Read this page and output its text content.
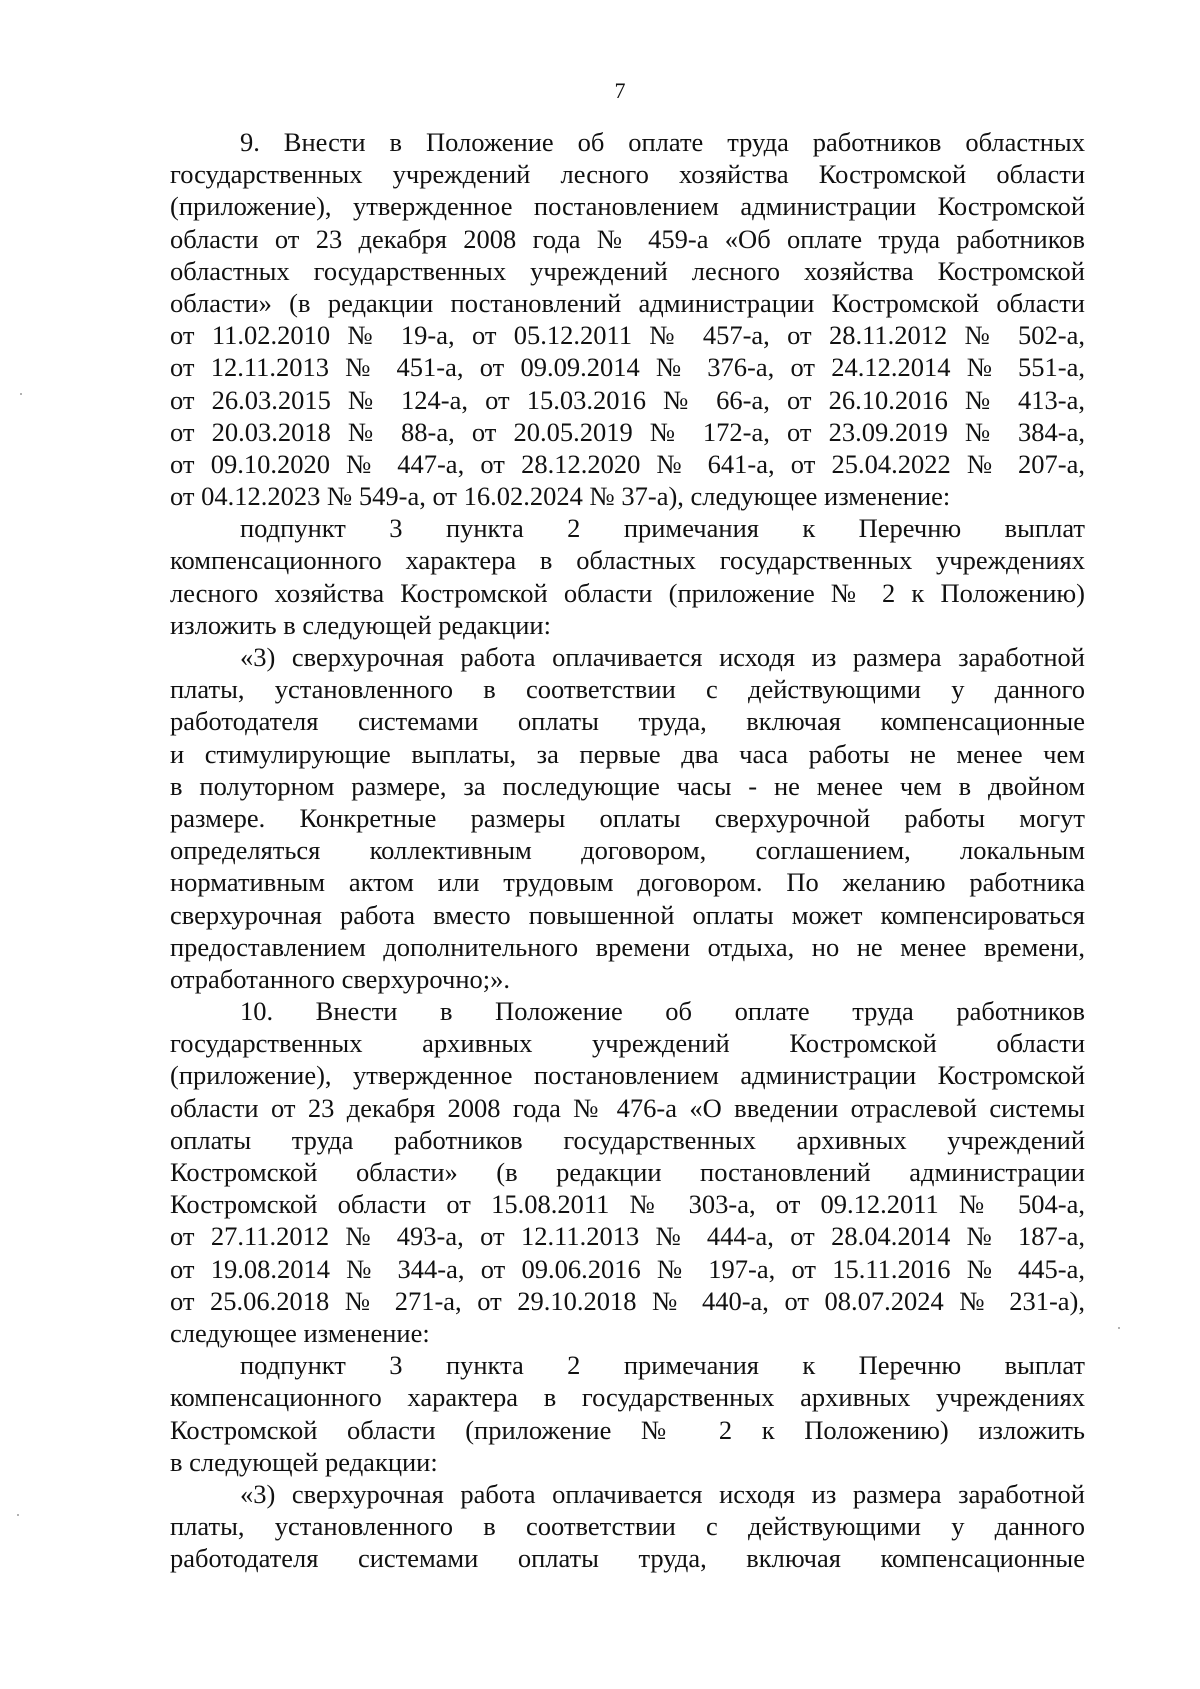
7
9. Внести в Положение об оплате труда работников областных
государственных учреждений лесного хозяйства Костромской области
(приложение), утвержденное постановлением администрации Костромской
области от 23 декабря 2008 года № 459-а «Об оплате труда работников
областных государственных учреждений лесного хозяйства Костромской
области» (в редакции постановлений администрации Костромской области
от 11.02.2010 № 19-а, от 05.12.2011 № 457-а, от 28.11.2012 № 502-а,
от 12.11.2013 № 451-а, от 09.09.2014 № 376-а, от 24.12.2014 № 551-а,
от 26.03.2015 № 124-а, от 15.03.2016 № 66-а, от 26.10.2016 № 413-а,
от 20.03.2018 № 88-а, от 20.05.2019 № 172-а, от 23.09.2019 № 384-а,
от 09.10.2020 № 447-а, от 28.12.2020 № 641-а, от 25.04.2022 № 207-а,
от 04.12.2023 № 549-а, от 16.02.2024 № 37-а), следующее изменение:
подпункт 3 пункта 2 примечания к Перечню выплат
компенсационного характера в областных государственных учреждениях
лесного хозяйства Костромской области (приложение № 2 к Положению)
изложить в следующей редакции:
«3) сверхурочная работа оплачивается исходя из размера заработной
платы, установленного в соответствии с действующими у данного
работодателя системами оплаты труда, включая компенсационные
и стимулирующие выплаты, за первые два часа работы не менее чем
в полуторном размере, за последующие часы - не менее чем в двойном
размере. Конкретные размеры оплаты сверхурочной работы могут
определяться коллективным договором, соглашением, локальным
нормативным актом или трудовым договором. По желанию работника
сверхурочная работа вместо повышенной оплаты может компенсироваться
предоставлением дополнительного времени отдыха, но не менее времени,
отработанного сверхурочно;».
10. Внести в Положение об оплате труда работников
государственных архивных учреждений Костромской области
(приложение), утвержденное постановлением администрации Костромской
области от 23 декабря 2008 года № 476-а «О введении отраслевой системы
оплаты труда работников государственных архивных учреждений
Костромской области» (в редакции постановлений администрации
Костромской области от 15.08.2011 № 303-а, от 09.12.2011 № 504-а,
от 27.11.2012 № 493-а, от 12.11.2013 № 444-а, от 28.04.2014 № 187-а,
от 19.08.2014 № 344-а, от 09.06.2016 № 197-а, от 15.11.2016 № 445-а,
от 25.06.2018 № 271-а, от 29.10.2018 № 440-а, от 08.07.2024 № 231-а),
следующее изменение:
подпункт 3 пункта 2 примечания к Перечню выплат
компенсационного характера в государственных архивных учреждениях
Костромской области (приложение № 2 к Положению) изложить
в следующей редакции:
«3) сверхурочная работа оплачивается исходя из размера заработной
платы, установленного в соответствии с действующими у данного
работодателя системами оплаты труда, включая компенсационные
